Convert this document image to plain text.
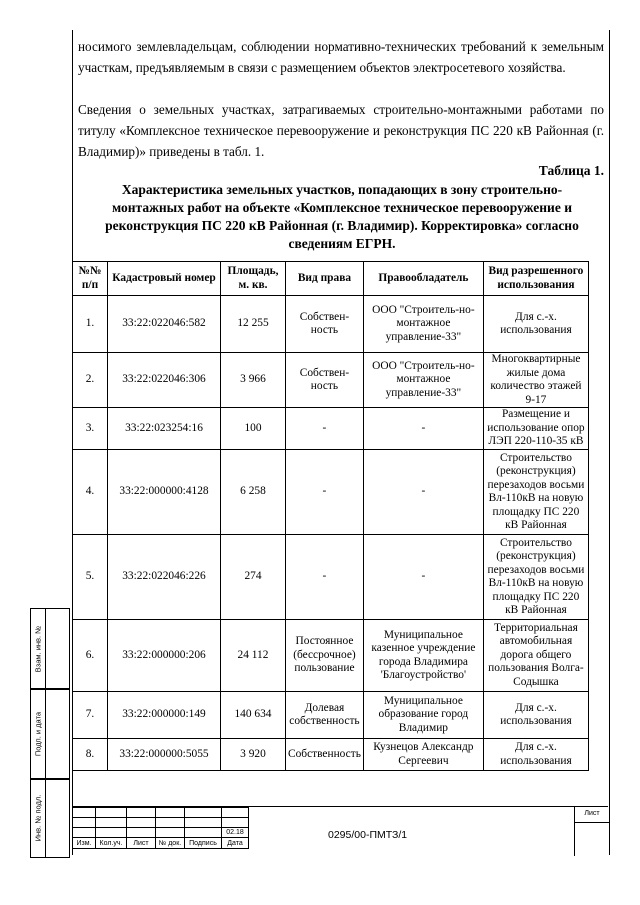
носимого землевладельцам, соблюдении нормативно-технических требований к земельным участкам, предъявляемым в связи с размещением объектов электросетевого хозяйства.
Сведения о земельных участках, затрагиваемых строительно-монтажными работами по титулу «Комплексное техническое перевооружение и реконструкция ПС 220 кВ Районная (г. Владимир)» приведены в табл. 1.
Таблица 1.
Характеристика земельных участков, попадающих в зону строительно-монтажных работ на объекте «Комплексное техническое перевооружение и реконструкция ПС 220 кВ Районная (г. Владимир). Корректировка» согласно сведениям ЕГРН.
№№ п/п	Кадастровый номер	Площадь, м. кв.	Вид права	Правообладатель	Вид разрешенного использования
1.	33:22:022046:582	12 255	Собствен-ность	ООО "Строитель-но-монтажное управление-33"	Для с.-х. использования
2.	33:22:022046:306	3 966	Собствен-ность	ООО "Строитель-но-монтажное управление-33"	Многоквартирные жилые дома количество этажей 9-17
3.	33:22:023254:16	100	-	-	Размещение и использование опор ЛЭП 220-110-35 кВ
4.	33:22:000000:4128	6 258	-	-	Строительство (реконструкция) перезаходов восьми Вл-110кВ на новую площадку ПС 220 кВ Районная
5.	33:22:022046:226	274	-	-	Строительство (реконструкция) перезаходов восьми Вл-110кВ на новую площадку ПС 220 кВ Районная
6.	33:22:000000:206	24 112	Постоянное (бессрочное) пользование	Муниципальное казенное учреждение города Владимира 'Благоустройство'	Территориальная автомобильная дорога общего пользования Волга-Содышка
7.	33:22:000000:149	140 634	Долевая собственность	Муниципальное образование город Владимир	Для с.-х. использования
8.	33:22:000000:5055	3 920	Собственность	Кузнецов Александр Сергеевич	Для с.-х. использования
Взам. инв. №
Подп. и дата
Инв. № подл.

						02.18
Изм.	Кол.уч.	Лист	№ док.	Подпись	Дата
0295/00-ПМТЗ/1
Лист
